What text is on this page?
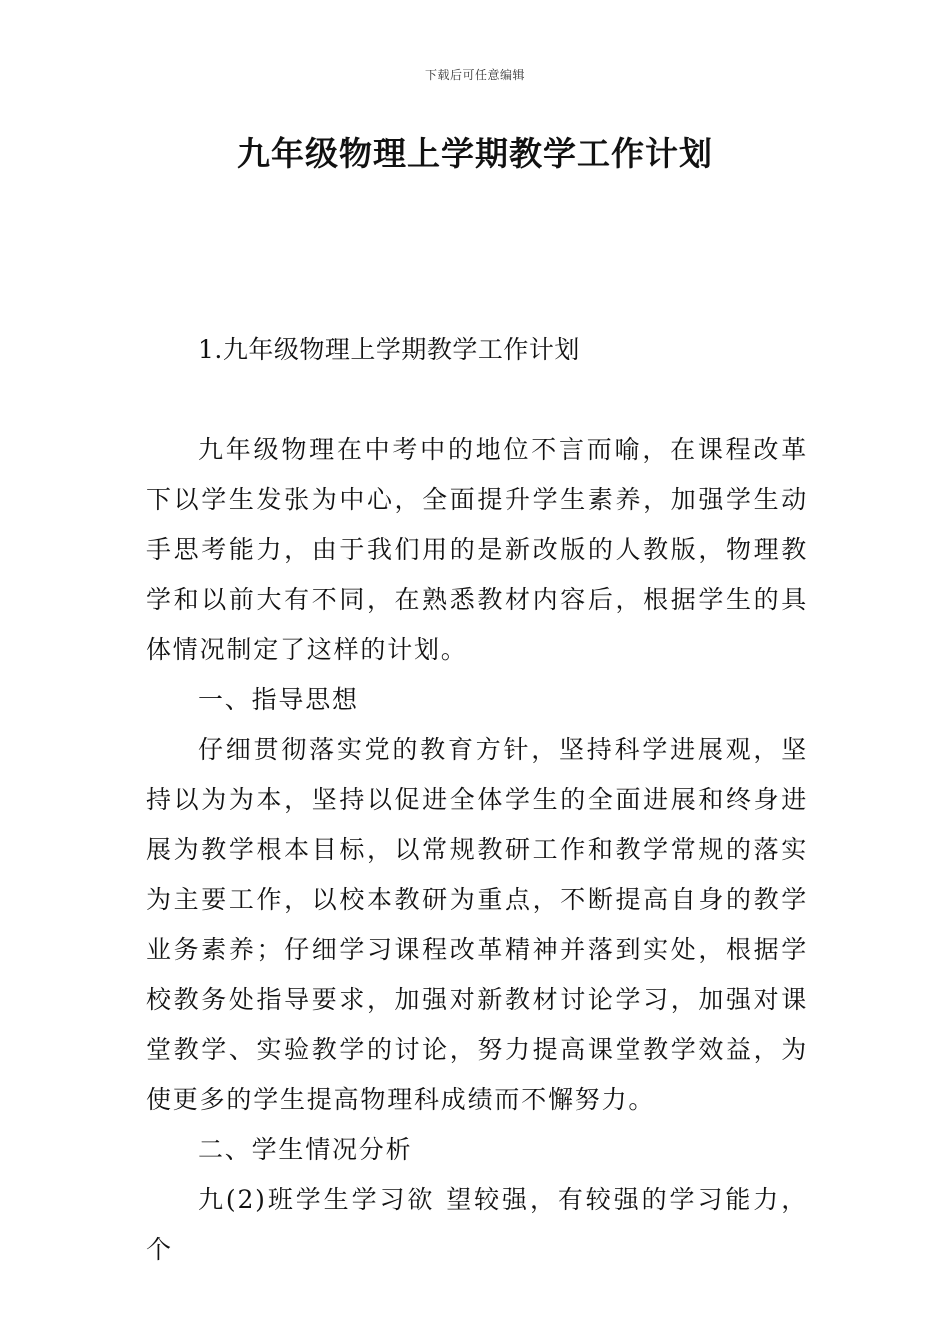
下载后可任意编辑
九年级物理上学期教学工作计划

1.九年级物理上学期教学工作计划

九年级物理在中考中的地位不言而喻，在课程改革下以学生发张为中心，全面提升学生素养，加强学生动手思考能力，由于我们用的是新改版的人教版，物理教学和以前大有不同，在熟悉教材内容后，根据学生的具体情况制定了这样的计划。

一、指导思想

仔细贯彻落实党的教育方针，坚持科学进展观，坚持以为为本，坚持以促进全体学生的全面进展和终身进展为教学根本目标，以常规教研工作和教学常规的落实为主要工作，以校本教研为重点，不断提高自身的教学业务素养；仔细学习课程改革精神并落到实处，根据学校教务处指导要求，加强对新教材讨论学习，加强对课堂教学、实验教学的讨论，努力提高课堂教学效益，为使更多的学生提高物理科成绩而不懈努力。

二、学生情况分析

九(2)班学生学习欲 望较强，有较强的学习能力，个
